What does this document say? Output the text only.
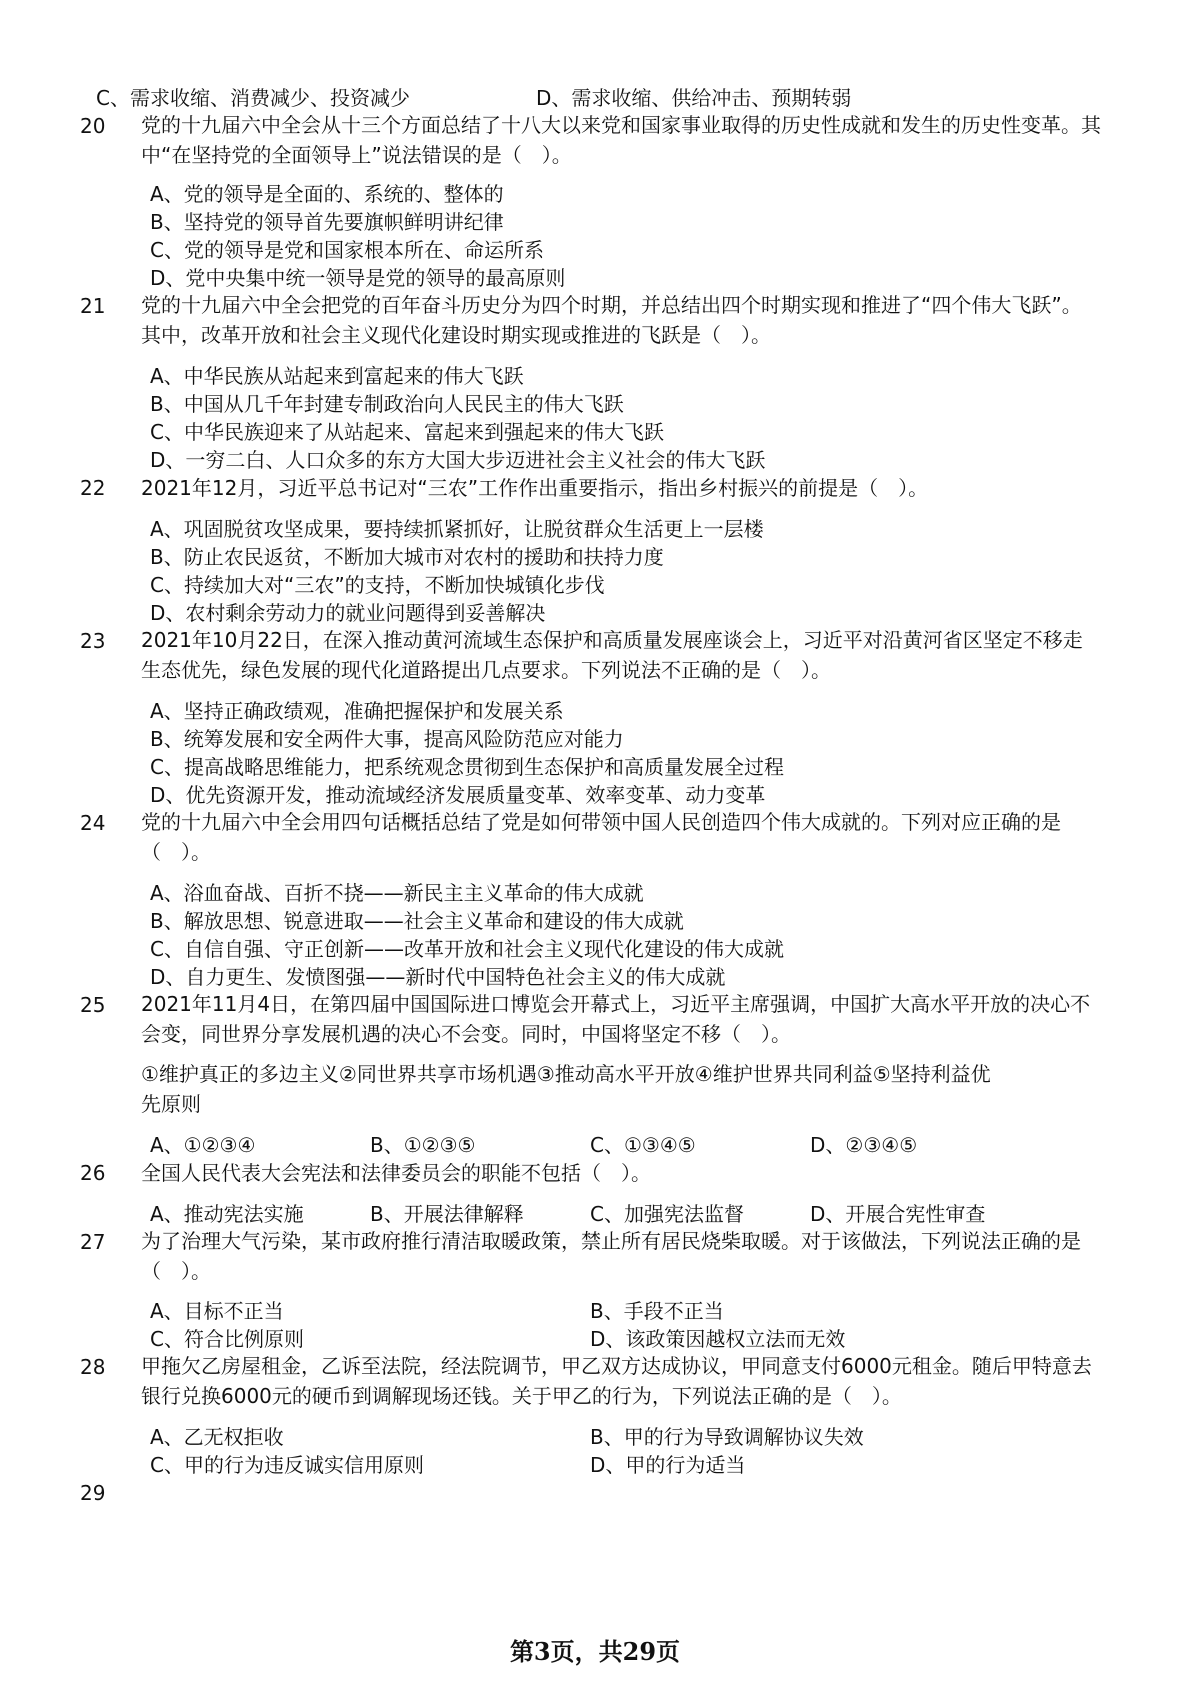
C、需求收缩、消费减少、投资减少	D、需求收缩、供给冲击、预期转弱
20	党的十九届六中全会从十三个方面总结了十八大以来党和国家事业取得的历史性成就和发生的历史性变革。其中“在坚持党的全面领导上”说法错误的是（　）。
A、党的领导是全面的、系统的、整体的
B、坚持党的领导首先要旗帜鲜明讲纪律
C、党的领导是党和国家根本所在、命运所系
D、党中央集中统一领导是党的领导的最高原则
21	党的十九届六中全会把党的百年奋斗历史分为四个时期，并总结出四个时期实现和推进了“四个伟大飞跃”。其中，改革开放和社会主义现代化建设时期实现或推进的飞跃是（　）。
A、中华民族从站起来到富起来的伟大飞跃
B、中国从几千年封建专制政治向人民民主的伟大飞跃
C、中华民族迎来了从站起来、富起来到强起来的伟大飞跃
D、一穷二白、人口众多的东方大国大步迈进社会主义社会的伟大飞跃
22	2021年12月，习近平总书记对“三农”工作作出重要指示，指出乡村振兴的前提是（　）。
A、巩固脱贫攻坚成果，要持续抓紧抓好，让脱贫群众生活更上一层楼
B、防止农民返贫，不断加大城市对农村的援助和扶持力度
C、持续加大对“三农”的支持，不断加快城镇化步伐
D、农村剩余劳动力的就业问题得到妥善解决
23	2021年10月22日，在深入推动黄河流域生态保护和高质量发展座谈会上，习近平对沿黄河省区坚定不移走生态优先，绿色发展的现代化道路提出几点要求。下列说法不正确的是（　）。
A、坚持正确政绩观，准确把握保护和发展关系
B、统筹发展和安全两件大事，提高风险防范应对能力
C、提高战略思维能力，把系统观念贯彻到生态保护和高质量发展全过程
D、优先资源开发，推动流域经济发展质量变革、效率变革、动力变革
24	党的十九届六中全会用四句话概括总结了党是如何带领中国人民创造四个伟大成就的。下列对应正确的是（　）。
A、浴血奋战、百折不挠——新民主主义革命的伟大成就
B、解放思想、锐意进取——社会主义革命和建设的伟大成就
C、自信自强、守正创新——改革开放和社会主义现代化建设的伟大成就
D、自力更生、发愤图强——新时代中国特色社会主义的伟大成就
25	2021年11月4日，在第四届中国国际进口博览会开幕式上，习近平主席强调，中国扩大高水平开放的决心不会变，同世界分享发展机遇的决心不会变。同时，中国将坚定不移（　）。
①维护真正的多边主义②同世界共享市场机遇③推动高水平开放④维护世界共同利益⑤坚持利益优先原则
A、①②③④	B、①②③⑤	C、①③④⑤	D、②③④⑤
26	全国人民代表大会宪法和法律委员会的职能不包括（　）。
A、推动宪法实施	B、开展法律解释	C、加强宪法监督	D、开展合宪性审查
27	为了治理大气污染，某市政府推行清洁取暖政策，禁止所有居民烧柴取暖。对于该做法，下列说法正确的是（　）。
A、目标不正当	B、手段不正当
C、符合比例原则	D、该政策因越权立法而无效
28	甲拖欠乙房屋租金，乙诉至法院，经法院调节，甲乙双方达成协议，甲同意支付6000元租金。随后甲特意去银行兑换6000元的硬币到调解现场还钱。关于甲乙的行为，下列说法正确的是（　）。
A、乙无权拒收	B、甲的行为导致调解协议失效
C、甲的行为违反诚实信用原则	D、甲的行为适当
29
第3页，共29页
